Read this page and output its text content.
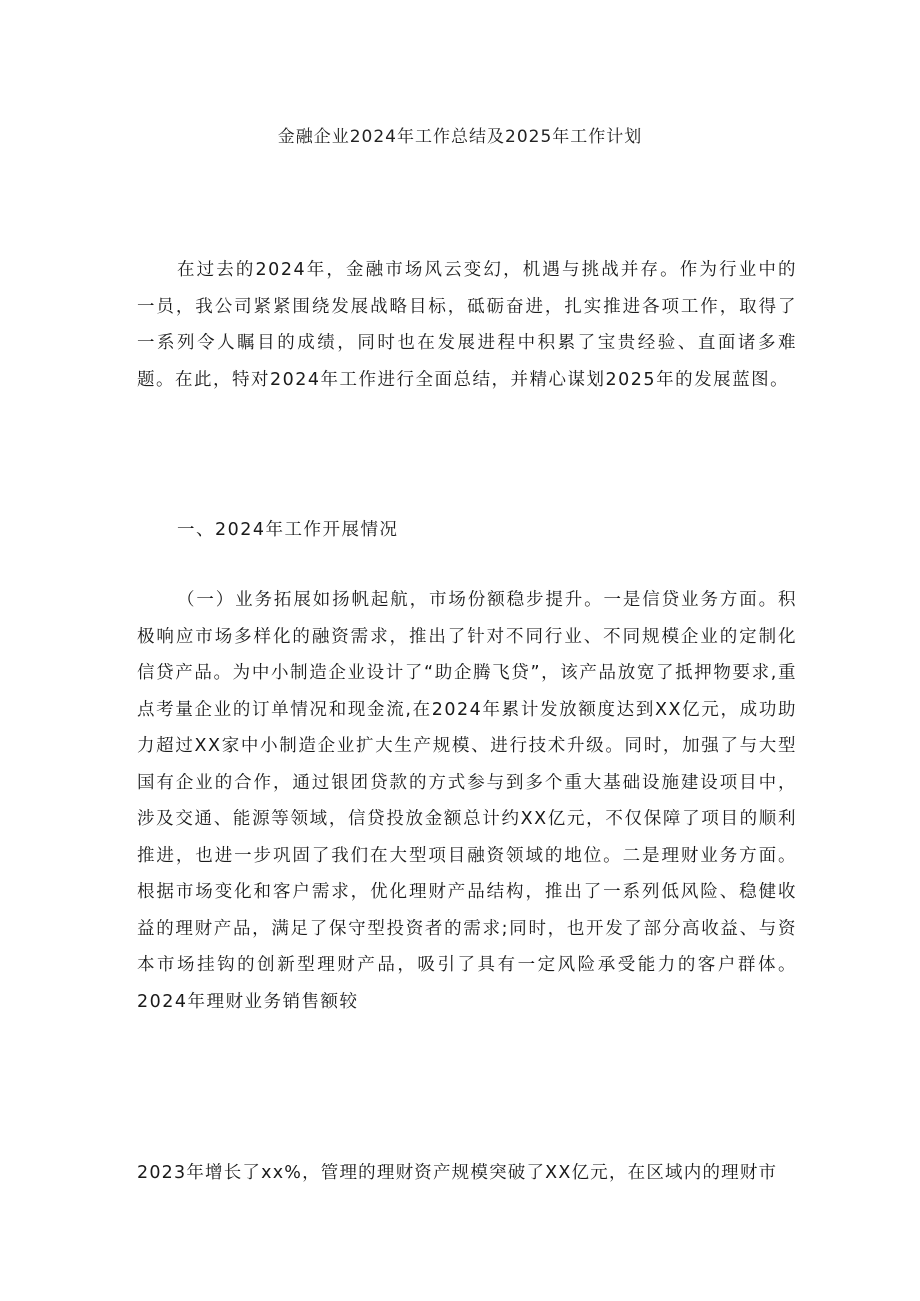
金融企业2024年工作总结及2025年工作计划
在过去的2024年，金融市场风云变幻，机遇与挑战并存。作为行业中的一员，我公司紧紧围绕发展战略目标，砥砺奋进，扎实推进各项工作，取得了一系列令人瞩目的成绩，同时也在发展进程中积累了宝贵经验、直面诸多难题。在此，特对2024年工作进行全面总结，并精心谋划2025年的发展蓝图。
一、2024年工作开展情况
（一）业务拓展如扬帆起航，市场份额稳步提升。一是信贷业务方面。积极响应市场多样化的融资需求，推出了针对不同行业、不同规模企业的定制化信贷产品。为中小制造企业设计了“助企腾飞贷”，该产品放宽了抵押物要求,重点考量企业的订单情况和现金流,在2024年累计发放额度达到XX亿元，成功助力超过XX家中小制造企业扩大生产规模、进行技术升级。同时，加强了与大型国有企业的合作，通过银团贷款的方式参与到多个重大基础设施建设项目中，涉及交通、能源等领域，信贷投放金额总计约XX亿元，不仅保障了项目的顺利推进，也进一步巩固了我们在大型项目融资领域的地位。二是理财业务方面。根据市场变化和客户需求，优化理财产品结构，推出了一系列低风险、稳健收益的理财产品，满足了保守型投资者的需求;同时，也开发了部分高收益、与资本市场挂钩的创新型理财产品，吸引了具有一定风险承受能力的客户群体。2024年理财业务销售额较
2023年增长了xx%，管理的理财资产规模突破了XX亿元，在区域内的理财市
